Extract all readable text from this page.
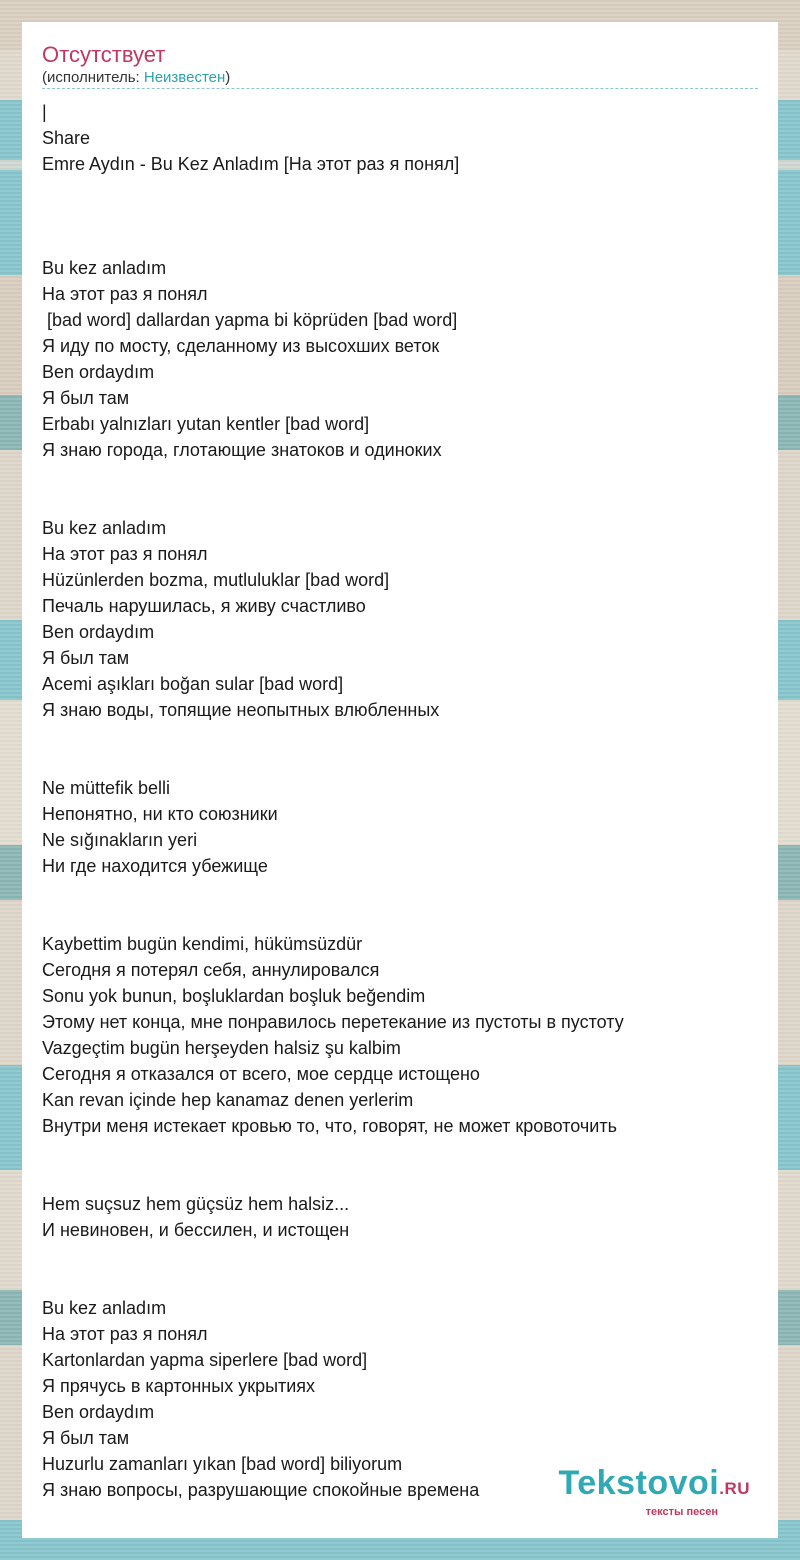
Отсутствует
(исполнитель: Неизвестен)
|
Share
Emre Aydın - Bu Kez Anladım [На этот раз я понял]
Bu kez anladım
На этот раз я понял
[bad word] dallardan yapma bi köprüden [bad word]
Я иду по мосту, сделанному из высохших веток
Ben ordaydım
Я был там
Erbabı yalnızları yutan kentler [bad word]
Я знаю города, глотающие знатоков и одиноких
Bu kez anladım
На этот раз я понял
Hüzünlerden bozma, mutluluklar [bad word]
Печаль нарушилась, я живу счастливо
Ben ordaydım
Я был там
Acemi aşıkları boğan sular [bad word]
Я знаю воды, топящие неопытных влюбленных
Ne müttefik belli
Непонятно, ни кто союзники
Ne sığınakların yeri
Ни где находится убежище
Kaybettim bugün kendimi, hükümsüzdür
Сегодня я потерял себя, аннулировался
Sonu yok bunun, boşluklardan boşluk beğendim
Этому нет конца, мне понравилось перетекание из пустоты в пустоту
Vazgeçtim bugün herşeyden halsiz şu kalbim
Сегодня я отказался от всего, мое сердце истощено
Kan revan içinde hep kanamaz denen yerlerim
Внутри меня истекает кровью то, что, говорят, не может кровоточить
Hem suçsuz hem güçsüz hem halsiz...
И невиновен, и бессилен, и истощен
Bu kez anladım
На этот раз я понял
Kartonlardan yapma siperlere [bad word]
Я прячусь в картонных укрытиях
Ben ordaydım
Я был там
Huzurlu zamanları yıkan [bad word] biliyorum
Я знаю вопросы, разрушающие спокойные времена	Tekstovoi.RU
тексты песен
